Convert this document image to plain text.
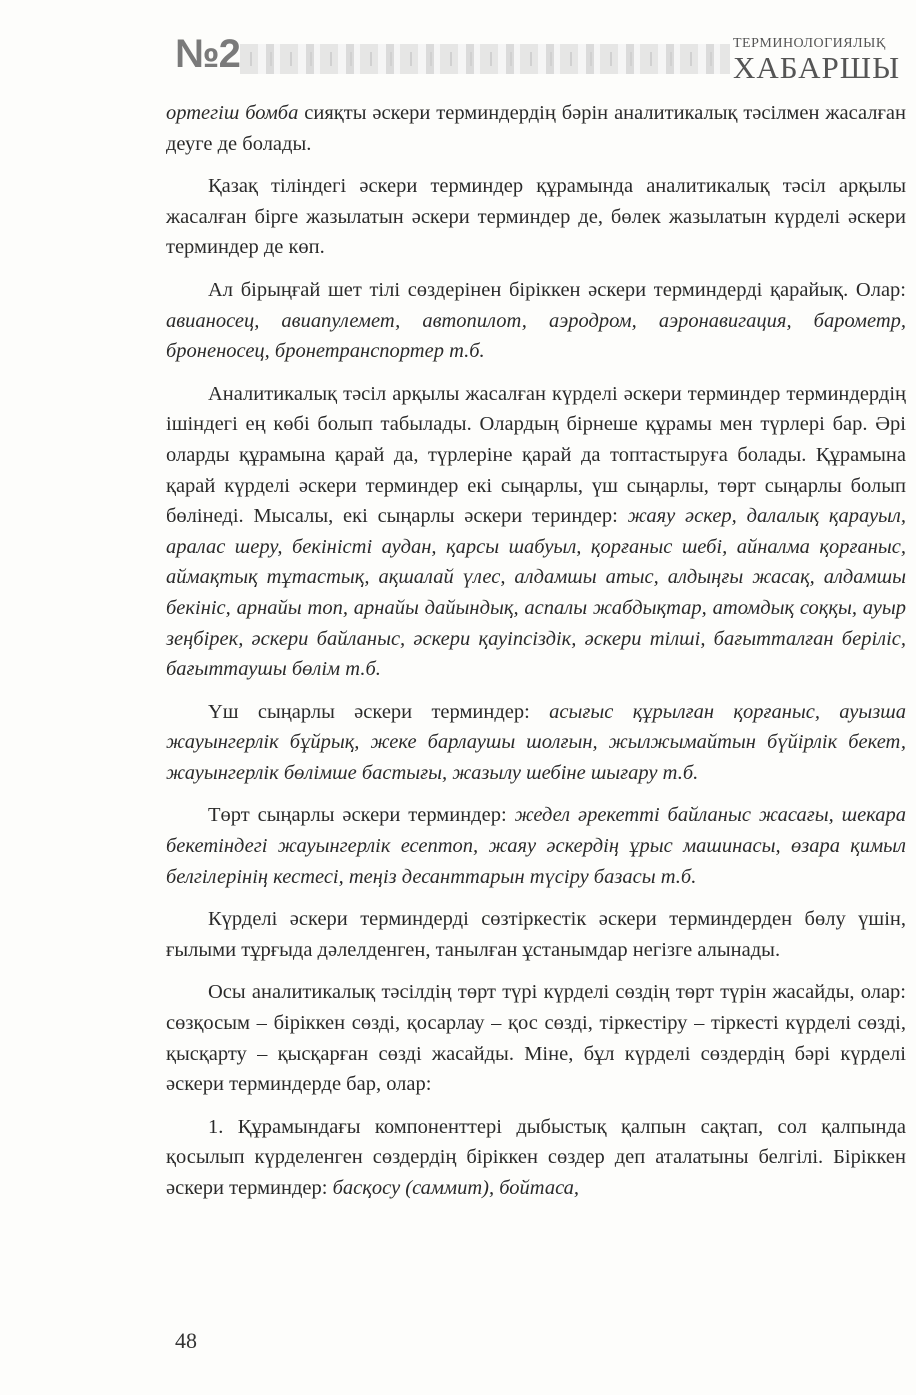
№2	ТЕРМИНОЛОГИЯЛЫҚ
ХАБАРШЫ

ортегіш бомба сияқты әскери терминдердің бәрін аналитикалық тәсілмен жасалған деуге де болады.

Қазақ тіліндегі әскери терминдер құрамында аналитикалық тәсіл арқылы жасалған бірге жазылатын әскери терминдер де, бөлек жазылатын күрделі әскери терминдер де көп.

Ал бірыңғай шет тілі сөздерінен біріккен әскери терминдерді қарайық. Олар: авианосец, авиапулемет, автопилот, аэродром, аэронавигация, барометр, броненосец, бронетранспортер т.б.

Аналитикалық тәсіл арқылы жасалған күрделі әскери терминдер терминдердің ішіндегі ең көбі болып табылады. Олардың бірнеше құрамы мен түрлері бар. Әрі оларды құрамына қарай да, түрлеріне қарай да топтастыруға болады. Құрамына қарай күрделі әскери терминдер екі сыңарлы, үш сыңарлы, төрт сыңарлы болып бөлінеді. Мысалы, екі сыңарлы әскери териндер: жаяу әскер, далалық қарауыл, аралас шеру, бекіністі аудан, қарсы шабуыл, қорғаныс шебі, айналма қорғаныс, аймақтық тұтастық, ақшалай үлес, алдамшы атыс, алдыңғы жасақ, алдамшы бекініс, арнайы топ, арнайы дайындық, аспалы жабдықтар, атомдық соққы, ауыр зеңбірек, әскери байланыс, әскери қауіпсіздік, әскери тілші, бағытталған беріліс, бағыттаушы бөлім т.б.

Үш сыңарлы әскери терминдер: асығыс құрылған қорғаныс, ауызша жауынгерлік бұйрық, жеке барлаушы шолғын, жылжымайтын бүйірлік бекет, жауынгерлік бөлімше бастығы, жазылу шебіне шығару т.б.

Төрт сыңарлы әскери терминдер: жедел әрекетті байланыс жасағы, шекара бекетіндегі жауынгерлік есептоп, жаяу әскердің ұрыс машинасы, өзара қимыл белгілерінің кестесі, теңіз десанттарын түсіру базасы т.б.

Күрделі әскери терминдерді сөзтіркестік әскери терминдерден бөлу үшін, ғылыми тұрғыда дәлелденген, танылған ұстанымдар негізге алынады.

Осы аналитикалық тәсілдің төрт түрі күрделі сөздің төрт түрін жасайды, олар: сөзқосым – біріккен сөзді, қосарлау – қос сөзді, тіркестіру – тіркесті күрделі сөзді, қысқарту – қысқарған сөзді жасайды. Міне, бұл күрделі сөздердің бәрі күрделі әскери терминдерде бар, олар:

1. Құрамындағы компоненттері дыбыстық қалпын сақтап, сол қалпында қосылып күрделенген сөздердің біріккен сөздер деп аталатыны белгілі. Біріккен әскери терминдер: басқосу (саммит), бойтаса,

48
